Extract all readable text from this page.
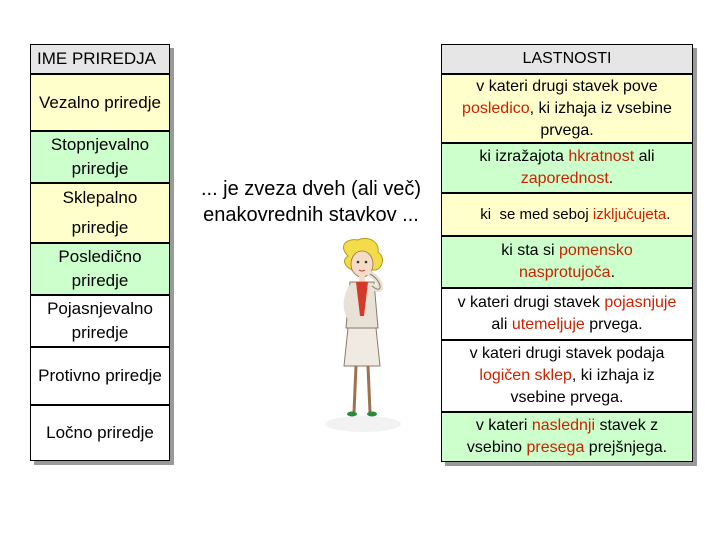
IME PRIREDJA
Vezalno priredje
Stopnjevalno priredje
Sklepalno priredje
Posledično priredje
Pojasnjevalno priredje
Protivno priredje
Ločno priredje
LASTNOSTI
v kateri drugi stavek pove posledico, ki izhaja iz vsebine prvega.
ki izražajota hkratnost ali zaporednost.

ki  se med seboj izključujeta.

ki sta si pomensko nasprotujoča.
v kateri drugi stavek pojasnjuje ali utemeljuje prvega.
v kateri drugi stavek podaja logičen sklep, ki izhaja iz vsebine prvega.
v kateri naslednji stavek z vsebino presega prejšnjega.
... je zveza dveh (ali več)
enakovrednih stavkov ...
